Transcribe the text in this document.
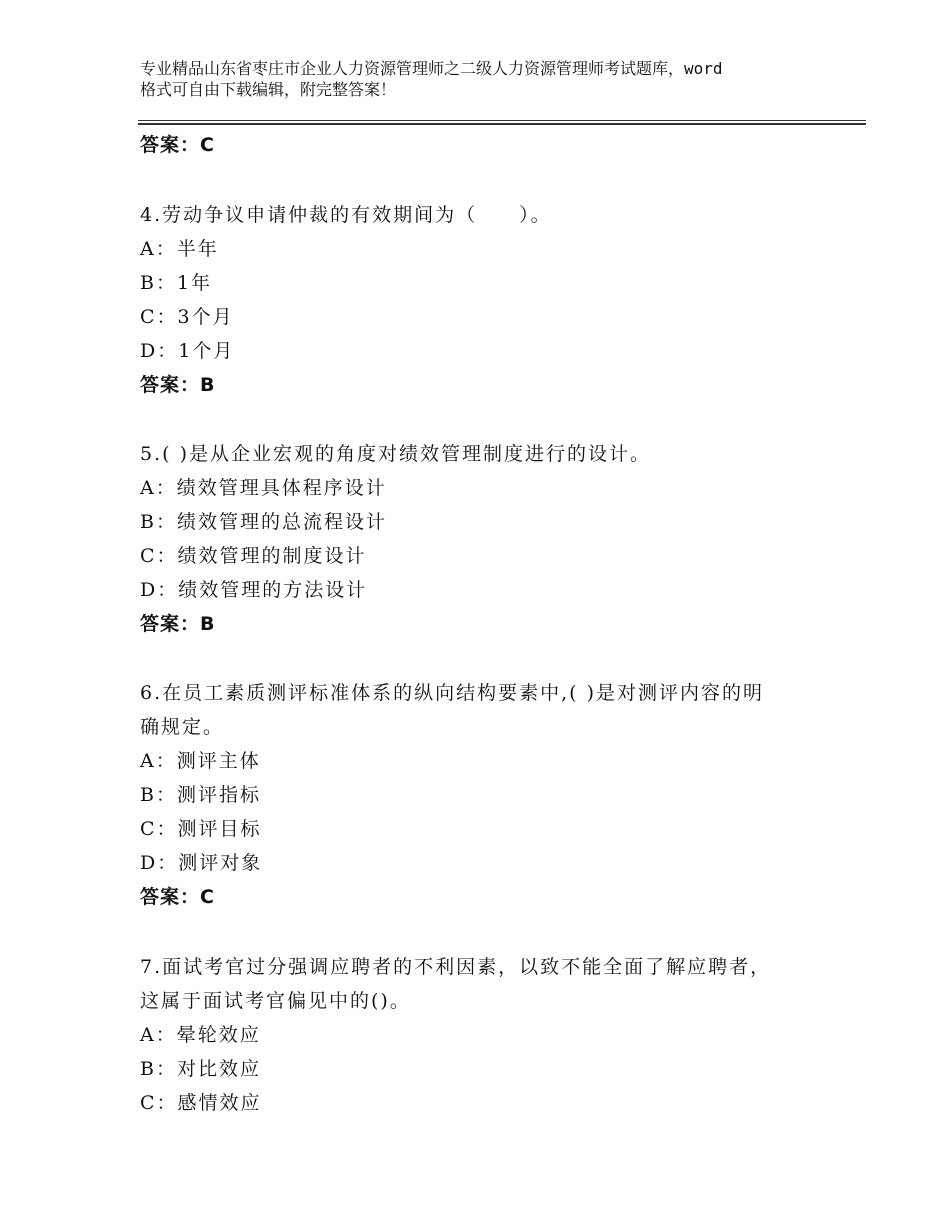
专业精品山东省枣庄市企业人力资源管理师之二级人力资源管理师考试题库，word
格式可自由下载编辑，附完整答案！
答案：C
4.劳动争议申请仲裁的有效期间为（　　）。
A：半年
B：1年
C：3个月
D：1个月
答案：B
5.( )是从企业宏观的角度对绩效管理制度进行的设计。
A：绩效管理具体程序设计
B：绩效管理的总流程设计
C：绩效管理的制度设计
D：绩效管理的方法设计
答案：B
6.在员工素质测评标准体系的纵向结构要素中,( )是对测评内容的明
确规定。
A：测评主体
B：测评指标
C：测评目标
D：测评对象
答案：C
7.面试考官过分强调应聘者的不利因素，以致不能全面了解应聘者，
这属于面试考官偏见中的()。
A：晕轮效应
B：对比效应
C：感情效应
